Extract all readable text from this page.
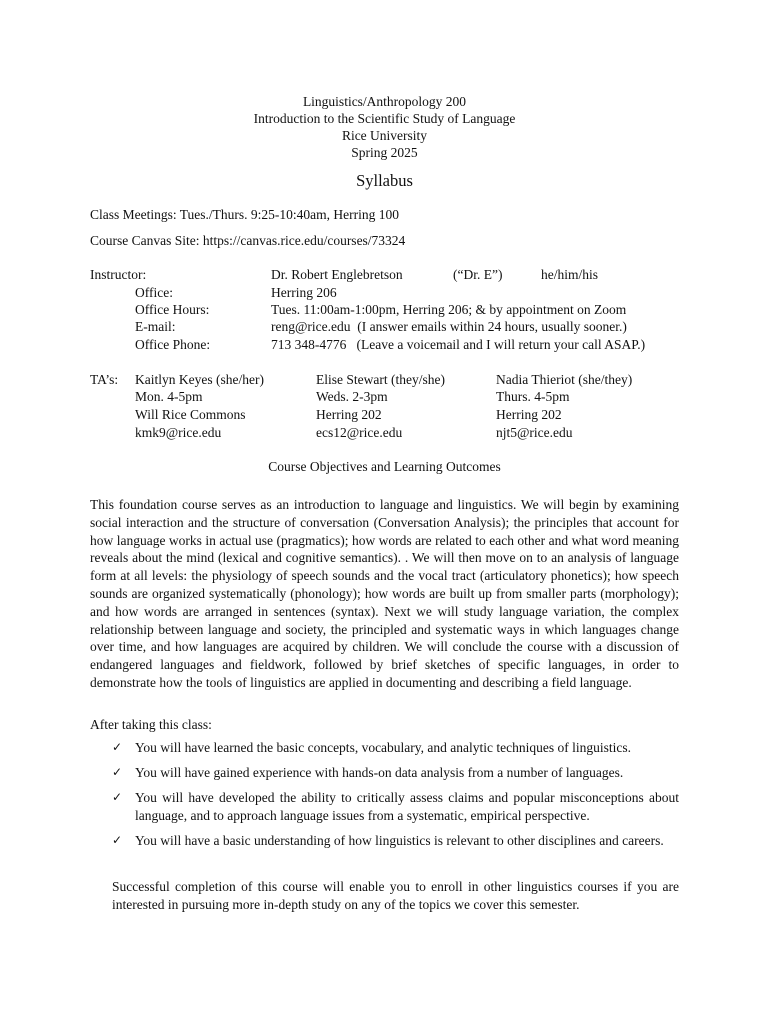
Linguistics/Anthropology 200
Introduction to the Scientific Study of Language
Rice University
Spring 2025
Syllabus
Class Meetings: Tues./Thurs. 9:25-10:40am, Herring 100
Course Canvas Site: https://canvas.rice.edu/courses/73324
Instructor:	Dr. Robert Englebretson	(“Dr. E”)	he/him/his
Office:	Herring 206
Office Hours:	Tues. 11:00am-1:00pm, Herring 206; & by appointment on Zoom
E-mail:	reng@rice.edu  (I answer emails within 24 hours, usually sooner.)
Office Phone:	713 348-4776   (Leave a voicemail and I will return your call ASAP.)
TA’s: Kaitlyn Keyes (she/her)	Elise Stewart (they/she)	Nadia Thieriot (she/they)
Mon. 4-5pm	Weds. 2-3pm	Thurs. 4-5pm
Will Rice Commons	Herring 202	Herring 202
kmk9@rice.edu	ecs12@rice.edu	njt5@rice.edu
Course Objectives and Learning Outcomes

This foundation course serves as an introduction to language and linguistics. We will begin by examining social interaction and the structure of conversation (Conversation Analysis); the principles that account for how language works in actual use (pragmatics); how words are related to each other and what word meaning reveals about the mind (lexical and cognitive semantics). . We will then move on to an analysis of language form at all levels: the physiology of speech sounds and the vocal tract (articulatory phonetics); how speech sounds are organized systematically (phonology); how words are built up from smaller parts (morphology); and how words are arranged in sentences (syntax). Next we will study language variation, the complex relationship between language and society, the principled and systematic ways in which languages change over time, and how languages are acquired by children. We will conclude the course with a discussion of endangered languages and fieldwork, followed by brief sketches of specific languages, in order to demonstrate how the tools of linguistics are applied in documenting and describing a field language.

After taking this class:
✓ You will have learned the basic concepts, vocabulary, and analytic techniques of linguistics.
✓ You will have gained experience with hands-on data analysis from a number of languages.
✓ You will have developed the ability to critically assess claims and popular misconceptions about language, and to approach language issues from a systematic, empirical perspective.
✓ You will have a basic understanding of how linguistics is relevant to other disciplines and careers.

Successful completion of this course will enable you to enroll in other linguistics courses if you are interested in pursuing more in-depth study on any of the topics we cover this semester.
